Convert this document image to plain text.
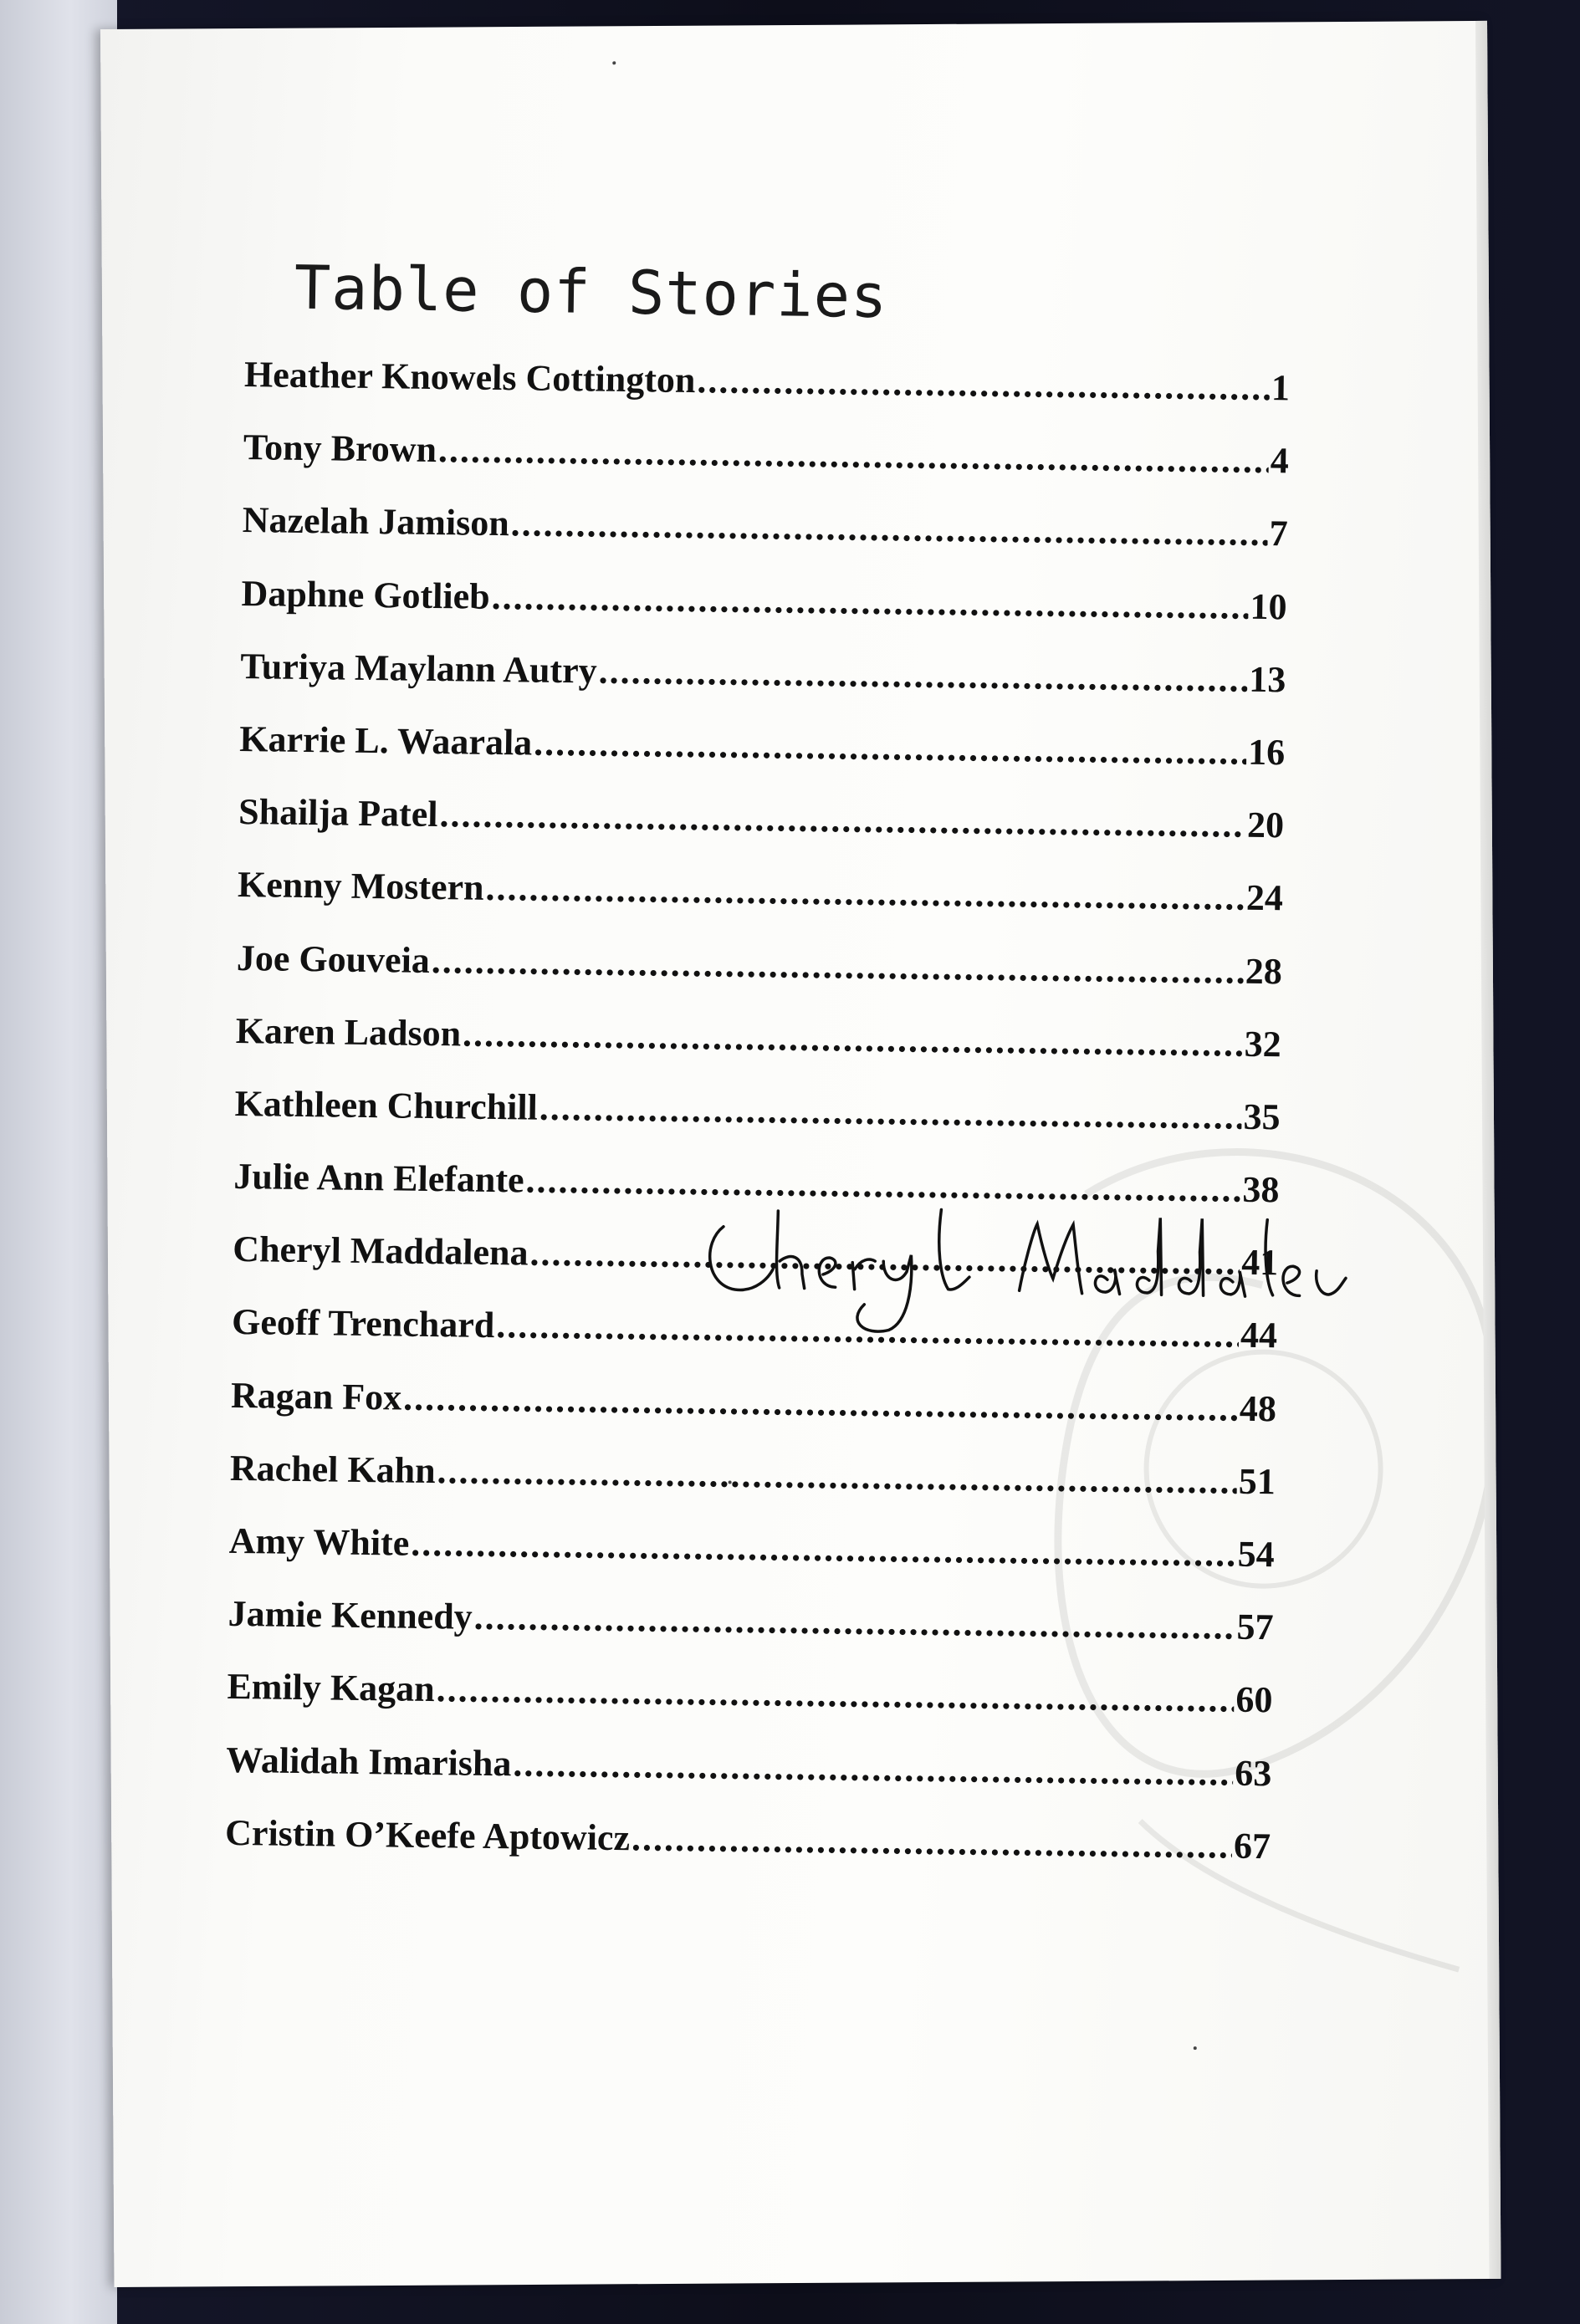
Table of Stories
Heather Knowels Cottington .....	1
Tony Brown .....	4
Nazelah Jamison .....	7
Daphne Gotlieb .....	10
Turiya Maylann Autry .....	13
Karrie L. Waarala .....	16
Shailja Patel .....	20
Kenny Mostern .....	24
Joe Gouveia .....	28
Karen Ladson .....	32
Kathleen Churchill .....	35
Julie Ann Elefante .....	38
Cheryl Maddalena .....	41
Geoff Trenchard .....	44
Ragan Fox .....	48
Rachel Kahn .....	51
Amy White .....	54
Jamie Kennedy .....	57
Emily Kagan .....	60
Walidah Imarisha .....	63
Cristin O’Keefe Aptowicz .....	67
